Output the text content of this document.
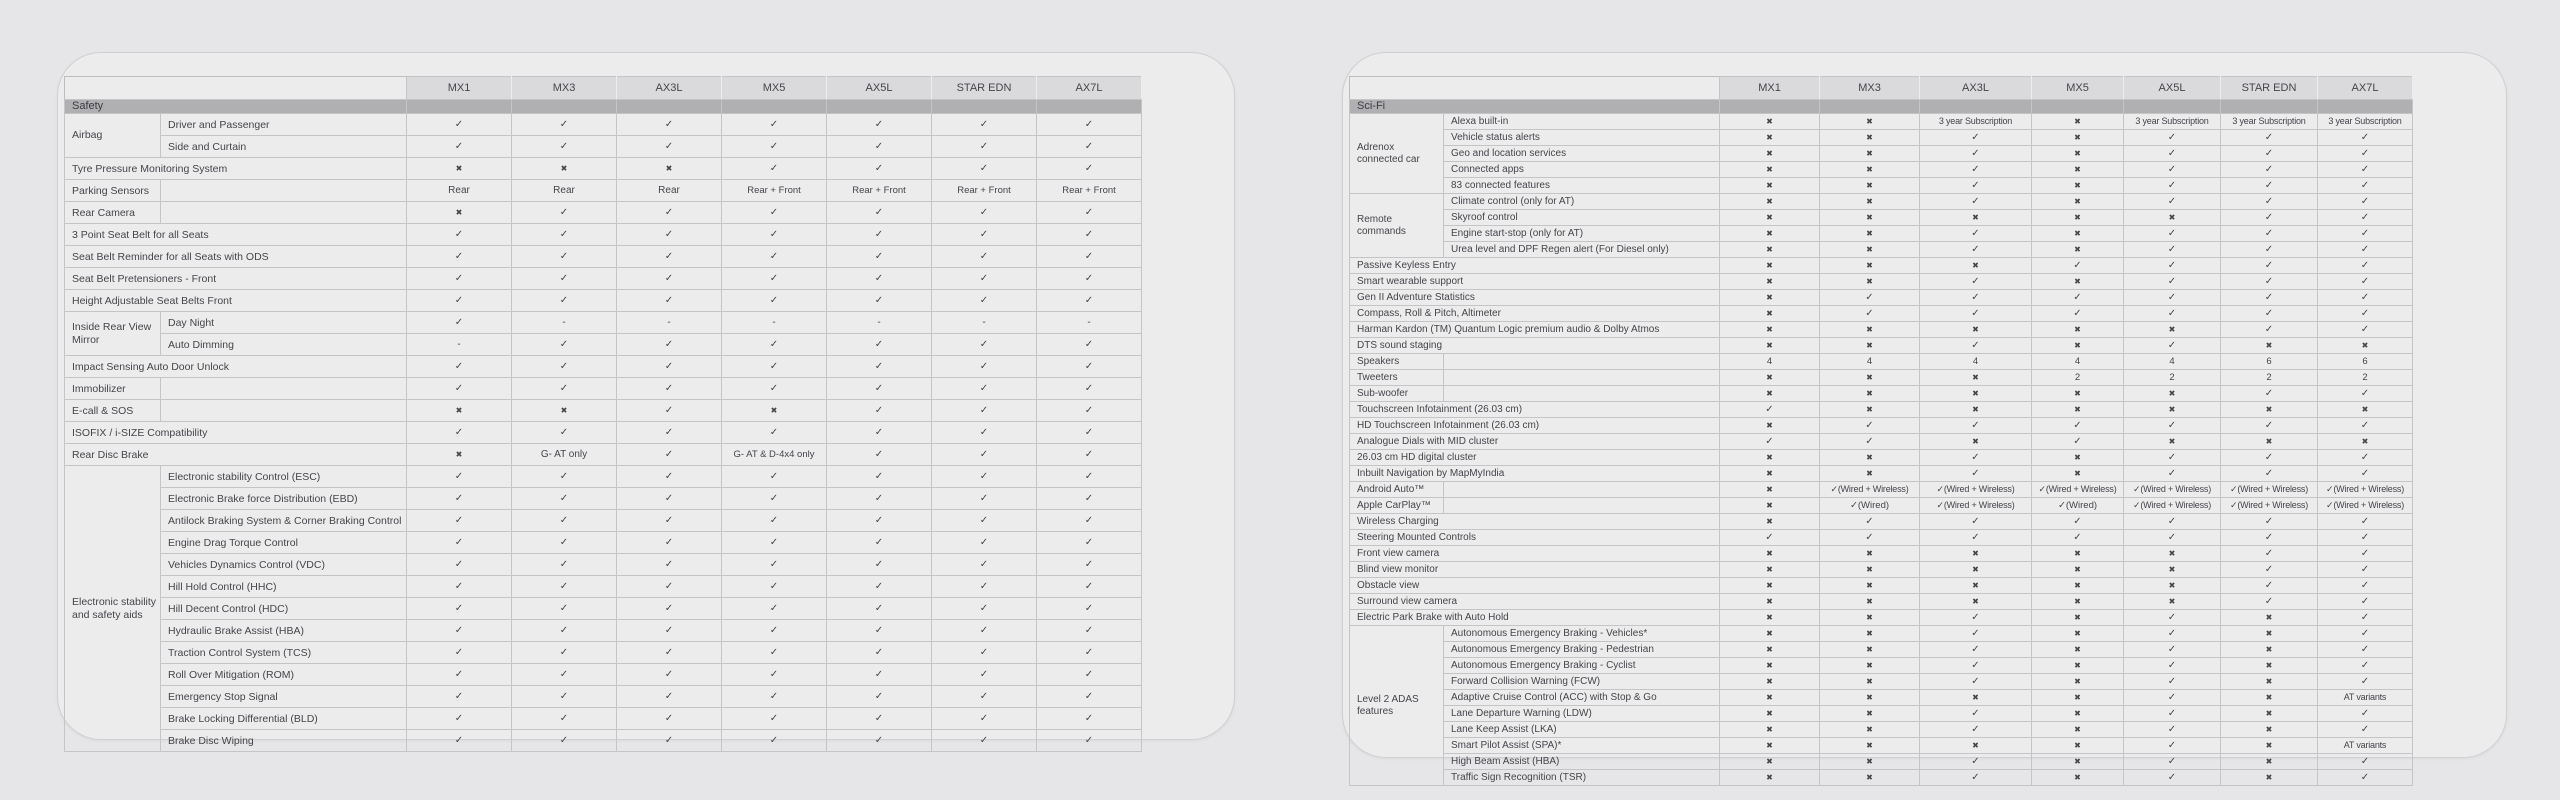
		MX1	MX3	AX3L	MX5	AX5L	STAR EDN	AX7L
Safety								
Airbag	Driver and Passenger	✓	✓	✓	✓	✓	✓	✓
	Side and Curtain	✓	✓	✓	✓	✓	✓	✓
Tyre Pressure Monitoring System		✖	✖	✖	✓	✓	✓	✓
Parking Sensors		Rear	Rear	Rear	Rear + Front	Rear + Front	Rear + Front	Rear + Front
Rear Camera		✖	✓	✓	✓	✓	✓	✓
3 Point Seat Belt for all Seats		✓	✓	✓	✓	✓	✓	✓
Seat Belt Reminder for all Seats with ODS		✓	✓	✓	✓	✓	✓	✓
Seat Belt Pretensioners - Front		✓	✓	✓	✓	✓	✓	✓
Height Adjustable Seat Belts Front		✓	✓	✓	✓	✓	✓	✓
Inside Rear View Mirror	Day Night	✓	-	-	-	-	-	-
	Auto Dimming	-	✓	✓	✓	✓	✓	✓
Impact Sensing Auto Door Unlock		✓	✓	✓	✓	✓	✓	✓
Immobilizer		✓	✓	✓	✓	✓	✓	✓
E-call & SOS		✖	✖	✓	✖	✓	✓	✓
ISOFIX / i-SIZE Compatibility		✓	✓	✓	✓	✓	✓	✓
Rear Disc Brake		✖	G- AT only	✓	G- AT & D-4x4 only	✓	✓	✓
Electronic stability and safety aids	Electronic stability Control (ESC)	✓	✓	✓	✓	✓	✓	✓
	Electronic Brake force Distribution (EBD)	✓	✓	✓	✓	✓	✓	✓
	Antilock Braking System & Corner Braking Control	✓	✓	✓	✓	✓	✓	✓
	Engine Drag Torque Control	✓	✓	✓	✓	✓	✓	✓
	Vehicles Dynamics Control (VDC)	✓	✓	✓	✓	✓	✓	✓
	Hill Hold Control (HHC)	✓	✓	✓	✓	✓	✓	✓
	Hill Decent Control (HDC)	✓	✓	✓	✓	✓	✓	✓
	Hydraulic Brake Assist (HBA)	✓	✓	✓	✓	✓	✓	✓
	Traction Control System (TCS)	✓	✓	✓	✓	✓	✓	✓
	Roll Over Mitigation (ROM)	✓	✓	✓	✓	✓	✓	✓
	Emergency Stop Signal	✓	✓	✓	✓	✓	✓	✓
	Brake Locking Differential (BLD)	✓	✓	✓	✓	✓	✓	✓
	Brake Disc Wiping	✓	✓	✓	✓	✓	✓	✓
		MX1	MX3	AX3L	MX5	AX5L	STAR EDN	AX7L
Sci-Fi								
Adrenox connected car	Alexa built-in	✖	✖	3 year Subscription	✖	3 year Subscription	3 year Subscription	3 year Subscription
	Vehicle status alerts	✖	✖	✓	✖	✓	✓	✓
	Geo and location services	✖	✖	✓	✖	✓	✓	✓
	Connected apps	✖	✖	✓	✖	✓	✓	✓
	83 connected features	✖	✖	✓	✖	✓	✓	✓
Remote commands	Climate control (only for AT)	✖	✖	✓	✖	✓	✓	✓
	Skyroof control	✖	✖	✖	✖	✖	✓	✓
	Engine start-stop (only for AT)	✖	✖	✓	✖	✓	✓	✓
	Urea level and DPF Regen alert (For Diesel only)	✖	✖	✓	✖	✓	✓	✓
Passive Keyless Entry		✖	✖	✖	✓	✓	✓	✓
Smart wearable support		✖	✖	✓	✖	✓	✓	✓
Gen II Adventure Statistics		✖	✓	✓	✓	✓	✓	✓
Compass, Roll & Pitch, Altimeter		✖	✓	✓	✓	✓	✓	✓
Harman Kardon (TM) Quantum Logic premium audio & Dolby Atmos		✖	✖	✖	✖	✖	✓	✓
DTS sound staging		✖	✖	✓	✖	✓	✖	✖
Speakers		4	4	4	4	4	6	6
Tweeters		✖	✖	✖	2	2	2	2
Sub-woofer		✖	✖	✖	✖	✖	✓	✓
Touchscreen Infotainment (26.03 cm)		✓	✖	✖	✖	✖	✖	✖
HD Touchscreen Infotainment (26.03 cm)		✖	✓	✓	✓	✓	✓	✓
Analogue Dials with MID cluster		✓	✓	✖	✓	✖	✖	✖
26.03 cm HD digital cluster		✖	✖	✓	✖	✓	✓	✓
Inbuilt Navigation by MapMyIndia		✖	✖	✓	✖	✓	✓	✓
Android Auto™		✖	✓(Wired + Wireless)	✓(Wired + Wireless)	✓(Wired + Wireless)	✓(Wired + Wireless)	✓(Wired + Wireless)	✓(Wired + Wireless)
Apple CarPlay™		✖	✓(Wired)	✓(Wired + Wireless)	✓(Wired)	✓(Wired + Wireless)	✓(Wired + Wireless)	✓(Wired + Wireless)
Wireless Charging		✖	✓	✓	✓	✓	✓	✓
Steering Mounted Controls		✓	✓	✓	✓	✓	✓	✓
Front view camera		✖	✖	✖	✖	✖	✓	✓
Blind view monitor		✖	✖	✖	✖	✖	✓	✓
Obstacle view		✖	✖	✖	✖	✖	✓	✓
Surround view camera		✖	✖	✖	✖	✖	✓	✓
Electric Park Brake with Auto Hold		✖	✖	✓	✖	✓	✖	✓
Level 2 ADAS features	Autonomous Emergency Braking - Vehicles*	✖	✖	✓	✖	✓	✖	✓
	Autonomous Emergency Braking - Pedestrian	✖	✖	✓	✖	✓	✖	✓
	Autonomous Emergency Braking - Cyclist	✖	✖	✓	✖	✓	✖	✓
	Forward Collision Warning (FCW)	✖	✖	✓	✖	✓	✖	✓
	Adaptive Cruise Control (ACC) with Stop & Go	✖	✖	✖	✖	✓	✖	AT variants
	Lane Departure Warning (LDW)	✖	✖	✓	✖	✓	✖	✓
	Lane Keep Assist (LKA)	✖	✖	✓	✖	✓	✖	✓
	Smart Pilot Assist (SPA)*	✖	✖	✖	✖	✓	✖	AT variants
	High Beam Assist (HBA)	✖	✖	✓	✖	✓	✖	✓
	Traffic Sign Recognition (TSR)	✖	✖	✓	✖	✓	✖	✓
